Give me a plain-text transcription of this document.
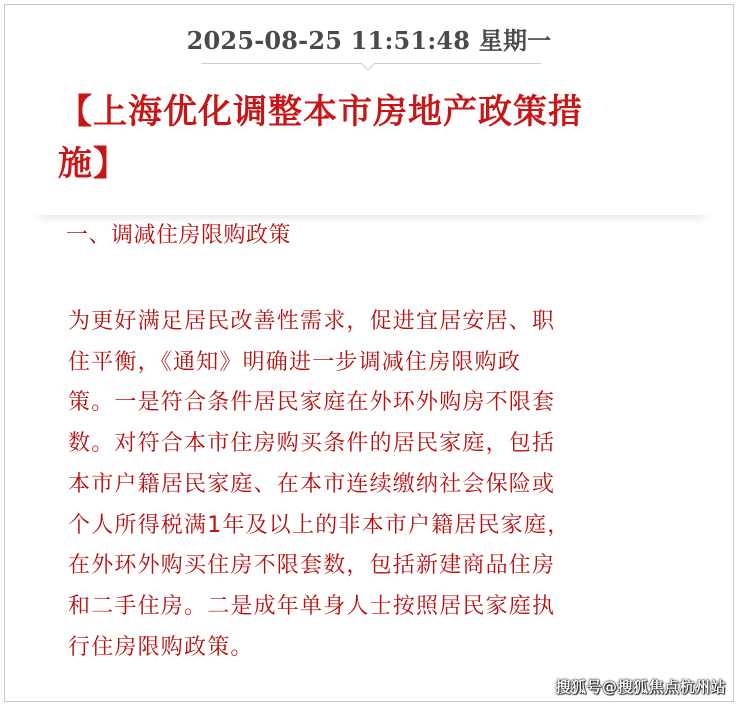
2025-08-25 11:51:48 星期一
【上海优化调整本市房地产政策措
施】
一、调减住房限购政策
为更好满足居民改善性需求，促进宜居安居、职
住平衡，《通知》明确进一步调减住房限购政
策。一是符合条件居民家庭在外环外购房不限套
数。对符合本市住房购买条件的居民家庭，包括
本市户籍居民家庭、在本市连续缴纳社会保险或
个人所得税满1年及以上的非本市户籍居民家庭，
在外环外购买住房不限套数，包括新建商品住房
和二手住房。二是成年单身人士按照居民家庭执
行住房限购政策。
搜狐号@搜狐焦点杭州站
